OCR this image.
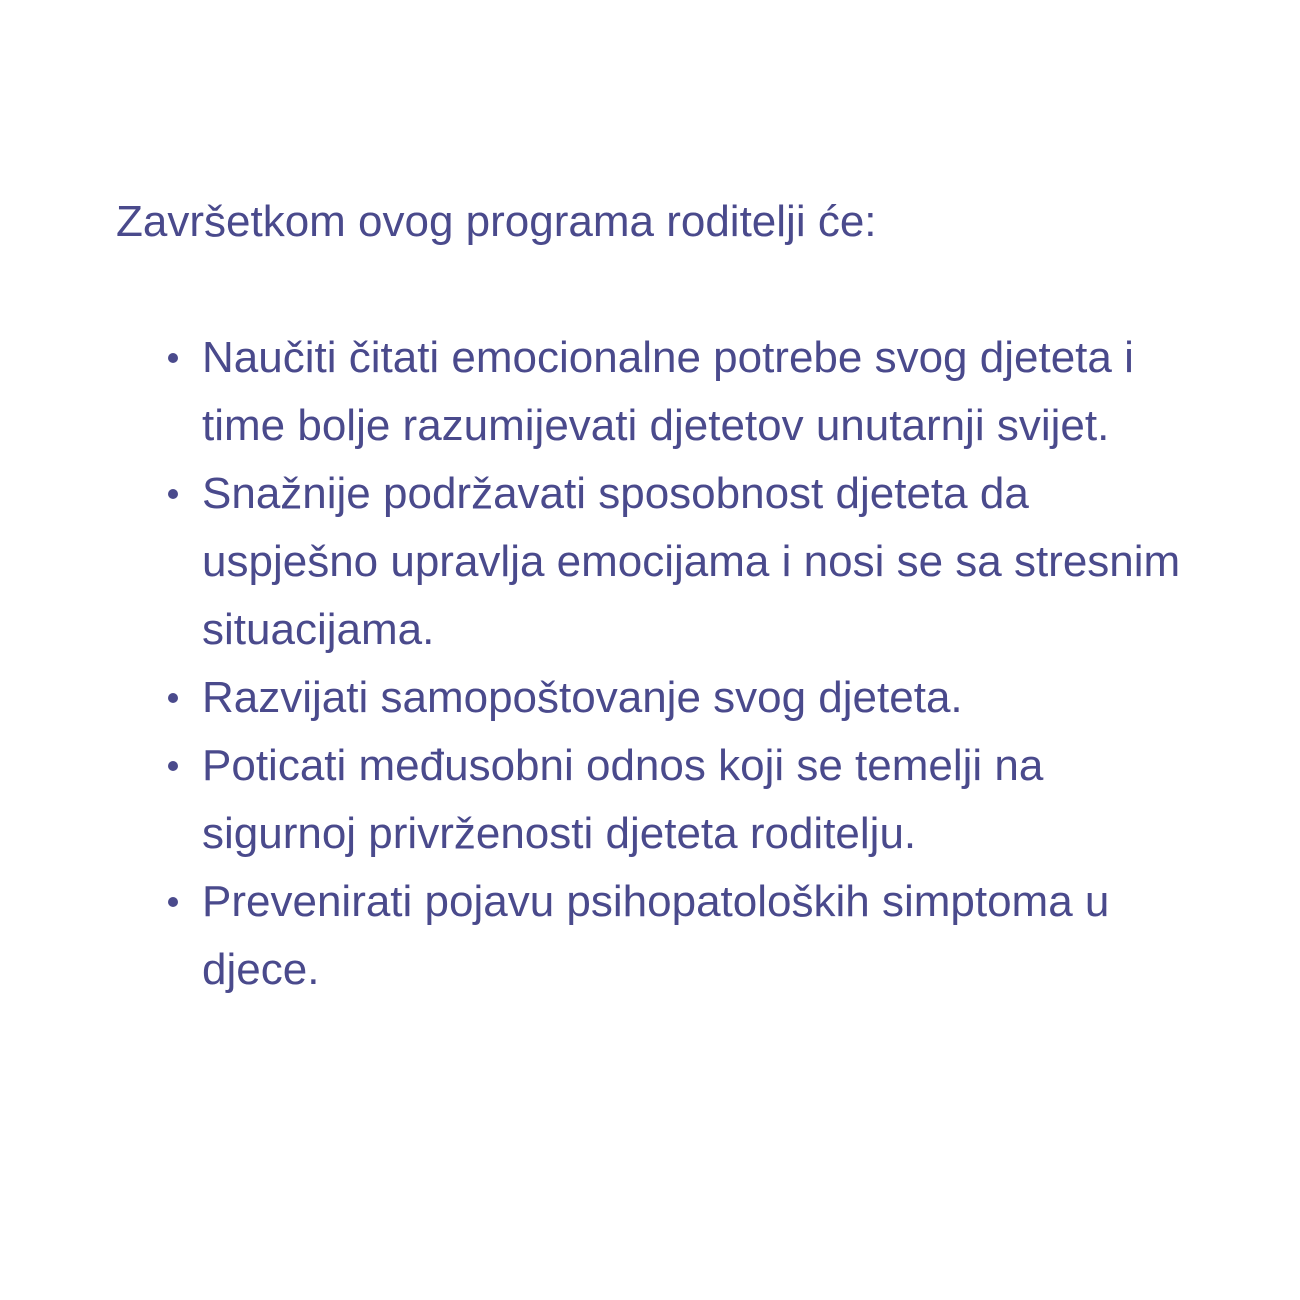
Završetkom ovog programa roditelji će:

Naučiti čitati emocionalne potrebe svog djeteta i time bolje razumijevati djetetov unutarnji svijet.
Snažnije podržavati sposobnost djeteta da uspješno upravlja emocijama i nosi se sa stresnim situacijama.
Razvijati samopoštovanje svog djeteta.
Poticati međusobni odnos koji se temelji na sigurnoj privrženosti djeteta roditelju.
Prevenirati pojavu psihopatoloških simptoma u djece.
